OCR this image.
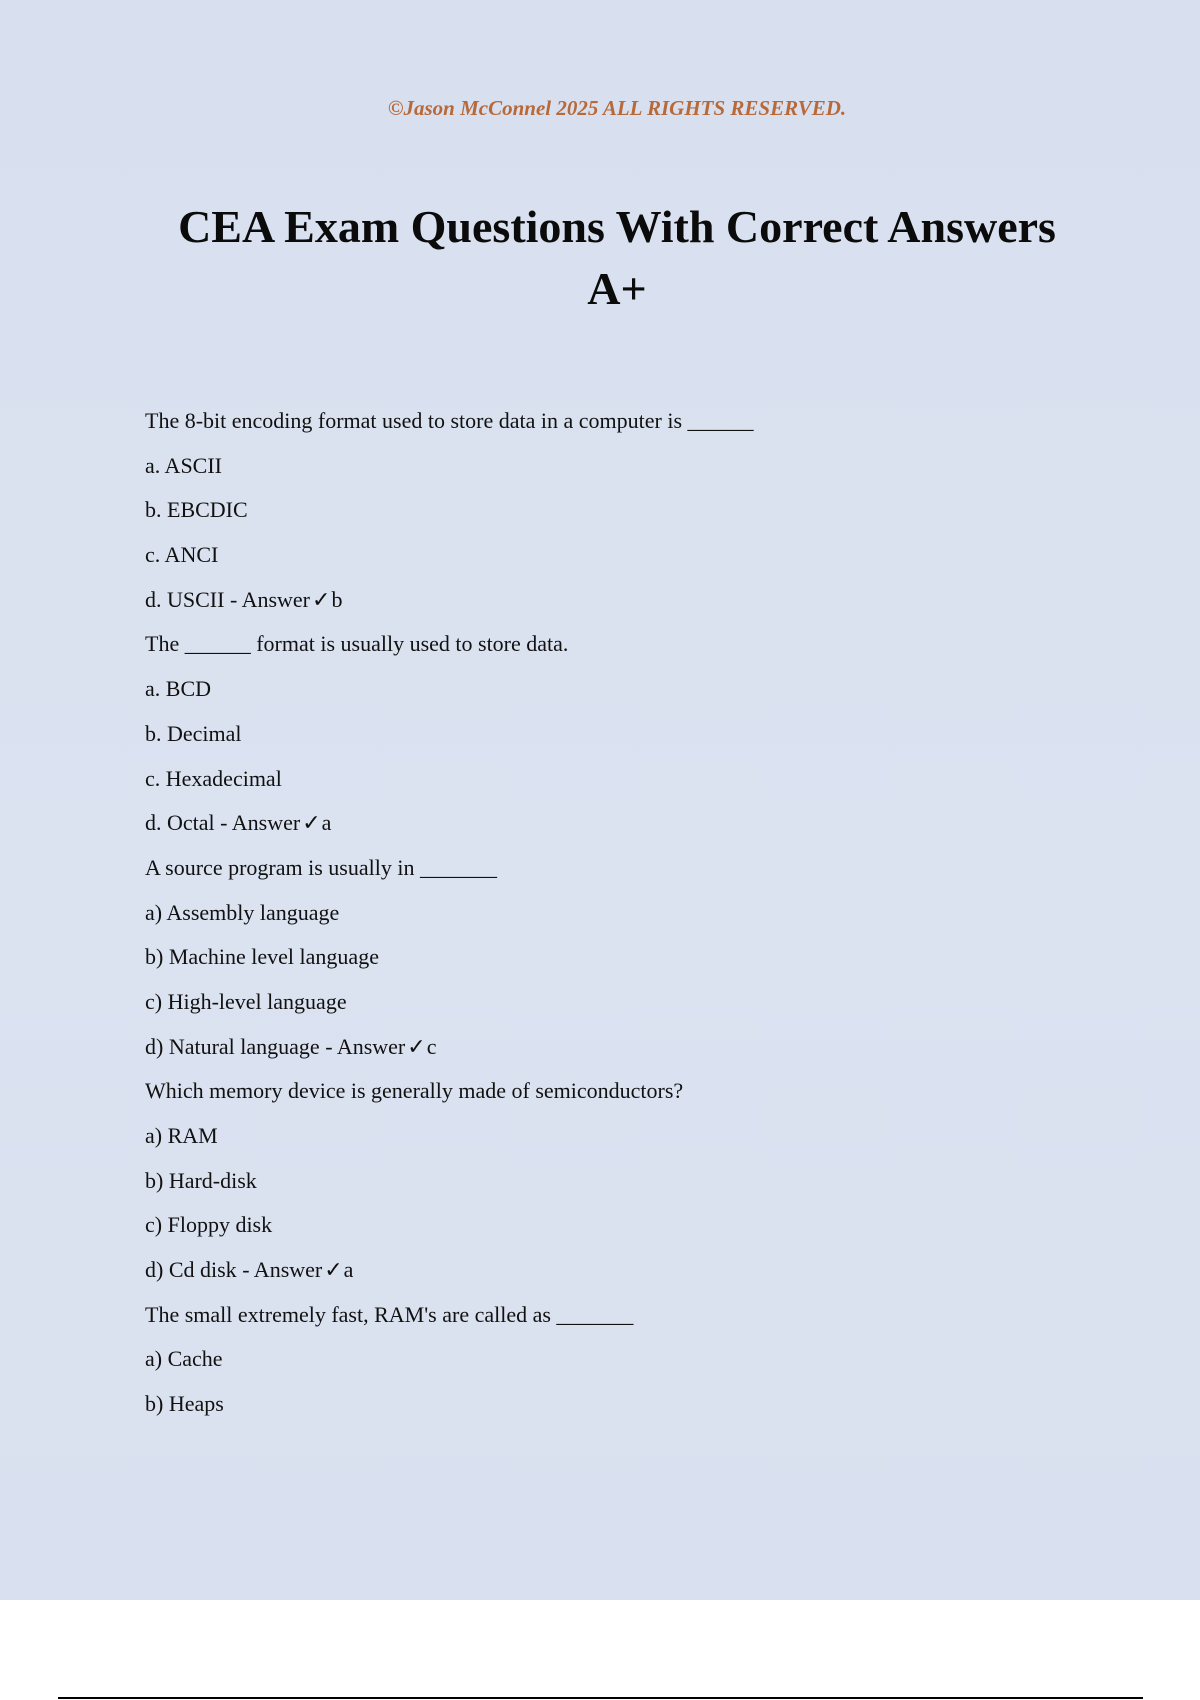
©Jason McConnel 2025 ALL RIGHTS RESERVED.
CEA Exam Questions With Correct Answers
A+
The 8-bit encoding format used to store data in a computer is ______
a. ASCII
b. EBCDIC
c. ANCI
d. USCII - Answer✓b
The ______ format is usually used to store data.
a. BCD
b. Decimal
c. Hexadecimal
d. Octal - Answer✓a
A source program is usually in _______
a) Assembly language
b) Machine level language
c) High-level language
d) Natural language - Answer✓c
Which memory device is generally made of semiconductors?
a) RAM
b) Hard-disk
c) Floppy disk
d) Cd disk - Answer✓a
The small extremely fast, RAM's are called as _______
a) Cache
b) Heaps
